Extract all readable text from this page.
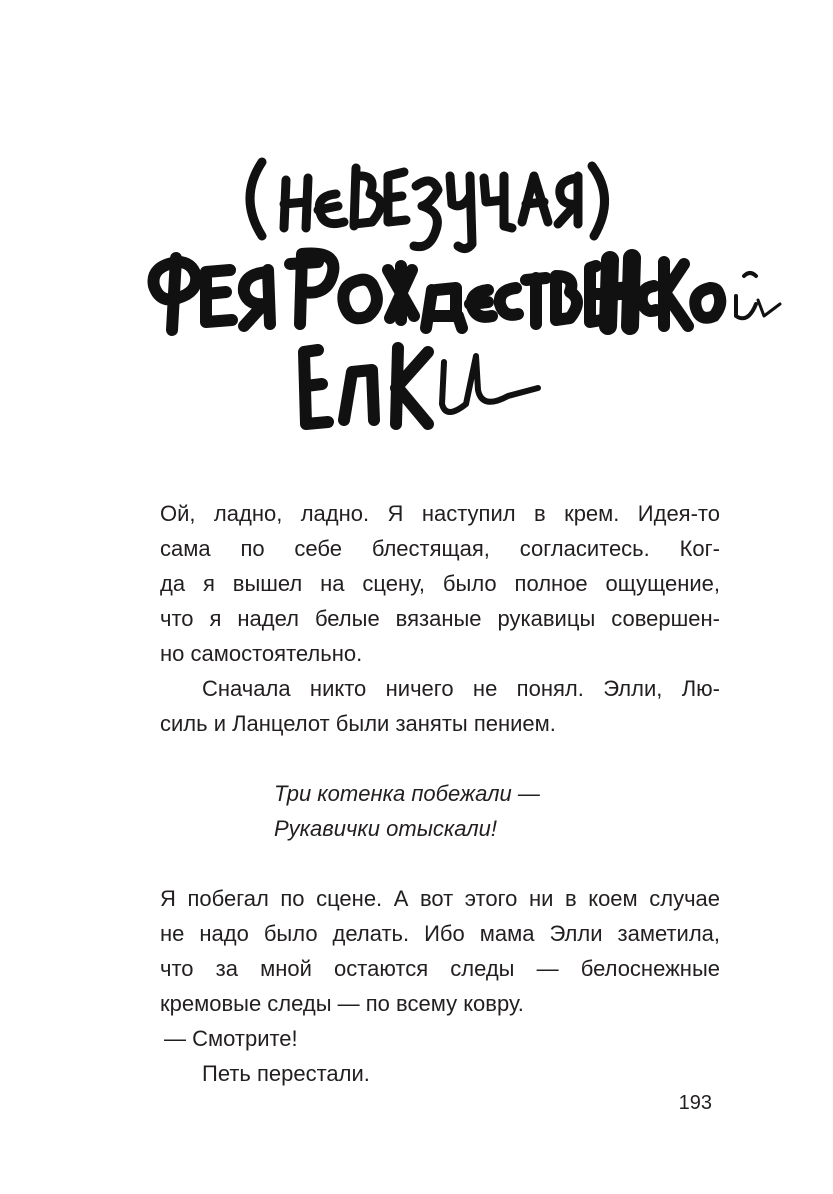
Ой, ладно, ладно. Я наступил в крем. Идея-то
сама по себе блестящая, согласитесь. Ког-
да я вышел на сцену, было полное ощущение,
что я надел белые вязаные рукавицы совершен-
но самостоятельно.

Сначала никто ничего не понял. Элли, Лю-
силь и Ланцелот были заняты пением.

Три котенка побежали —
Рукавички отыскали!

Я побегал по сцене. А вот этого ни в коем случае
не надо было делать. Ибо мама Элли заметила,
что за мной остаются следы — белоснежные
кремовые следы — по всему ковру.

— Смотрите!

Петь перестали.

193
